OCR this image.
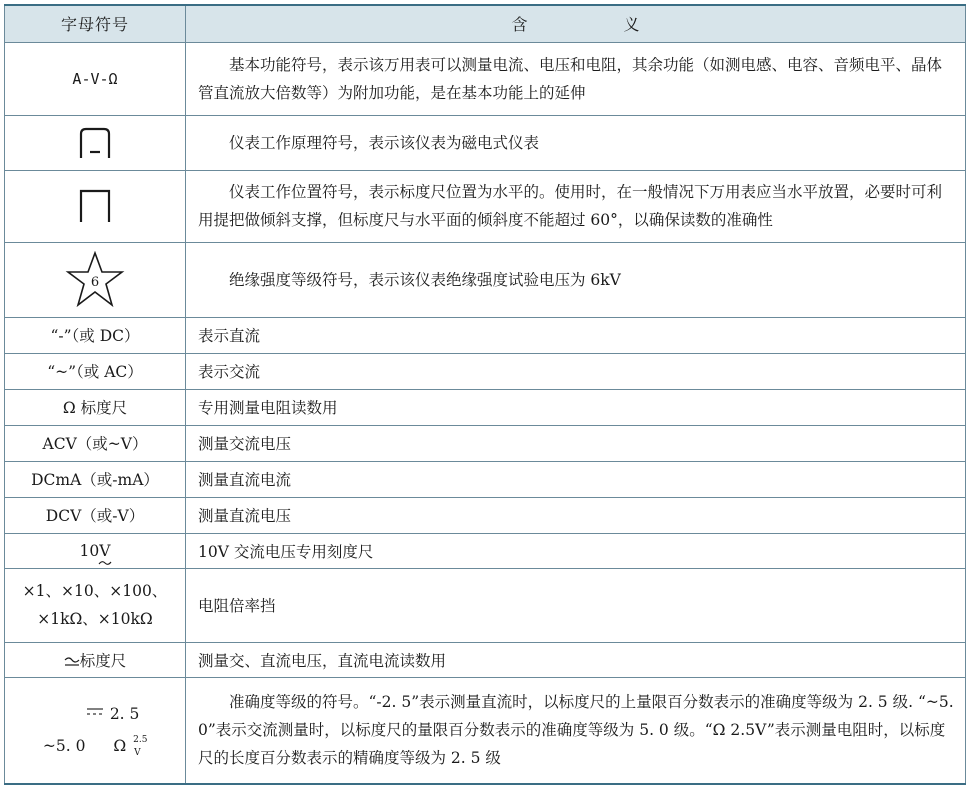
字母符号	含 义
A-V-Ω	基本功能符号，表示该万用表可以测量电流、电压和电阻，其余功能（如测电感、电容、音频电平、晶体管直流放大倍数等）为附加功能，是在基本功能上的延伸
	仪表工作原理符号，表示该仪表为磁电式仪表
	仪表工作位置符号，表示标度尺位置为水平的。使用时，在一般情况下万用表应当水平放置，必要时可利用提把做倾斜支撑，但标度尺与水平面的倾斜度不能超过 60°，以确保读数的准确性

6	绝缘强度等级符号，表示该仪表绝缘强度试验电压为 6kV
“-”（或 DC）	表示直流
“~”（或 AC）	表示交流
Ω 标度尺	专用测量电阻读数用
ACV（或~V）	测量交流电压
DCmA（或-mA）	测量直流电流
DCV（或-V）	测量直流电压
10V	10V 交流电压专用刻度尺

×1、×10、×100、
×1kΩ、×10kΩ	电阻倍率挡
标度尺	测量交、直流电压，直流电流读数用

2. 5
~5. 0 Ω 2.5
V	准确度等级的符号。“-2. 5”表示测量直流时，以标度尺的上量限百分数表示的准确度等级为 2. 5 级. “~5. 0”表示交流测量时，以标度尺的量限百分数表示的准确度等级为 5. 0 级。“Ω 2.5V”表示测量电阻时，以标度尺的长度百分数表示的精确度等级为 2. 5 级
